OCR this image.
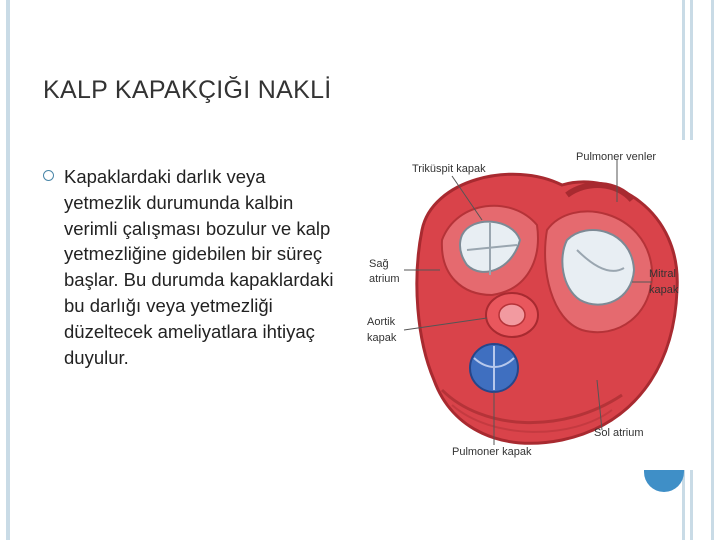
KALP KAPAKÇIĞI NAKLİ
Kapaklardaki darlık veya yetmezlik durumunda kalbin verimli çalışması bozulur ve kalp yetmezliğine gidebilen bir süreç başlar. Bu durumda kapaklardaki bu darlığı veya yetmezliği düzeltecek ameliyatlara ihtiyaç duyulur.
Triküspit kapak
Pulmoner venler
Sağ
atrium	Mitral
kapak
Aortik
kapak
Pulmoner kapak
Sol atrium
